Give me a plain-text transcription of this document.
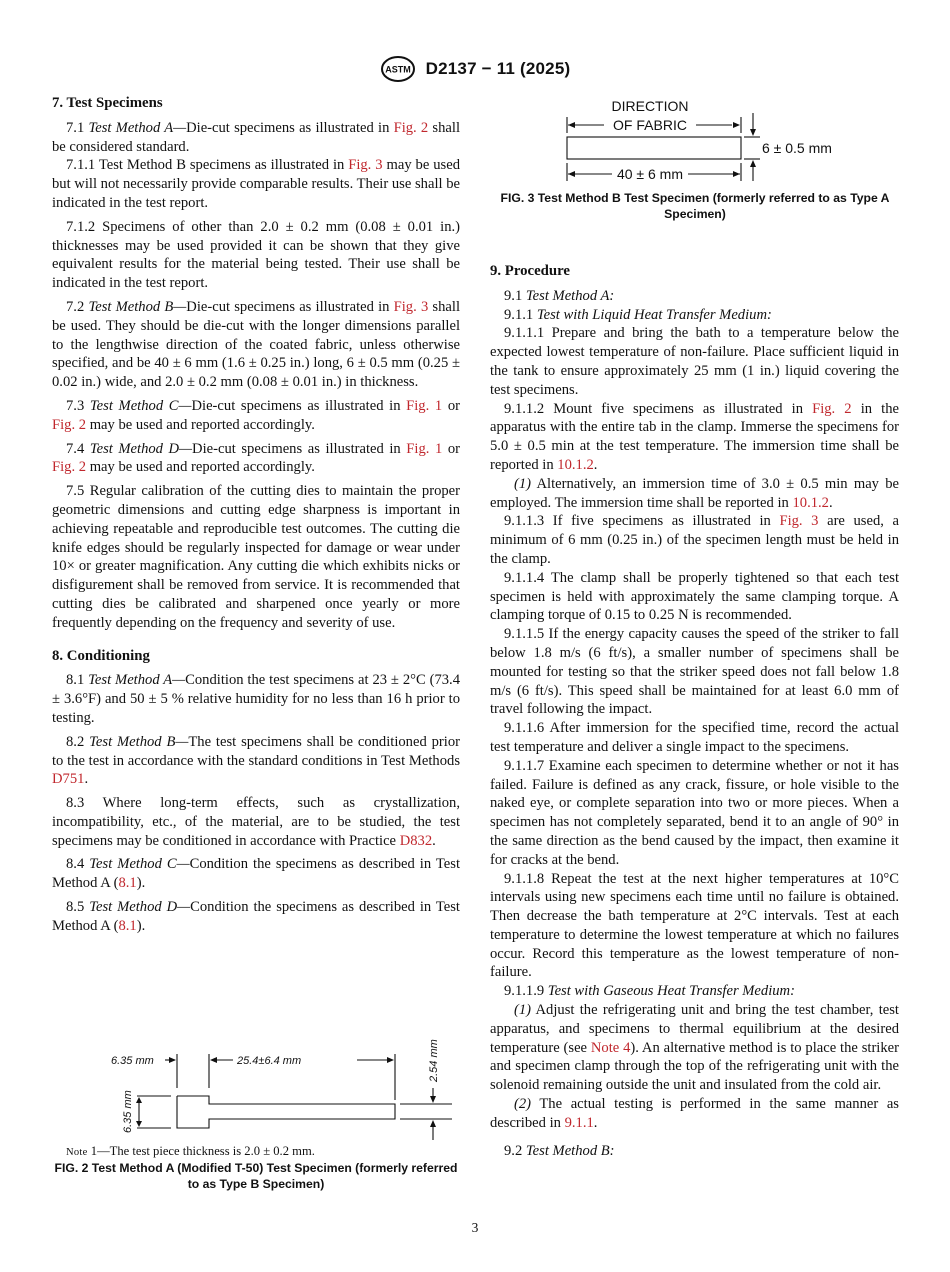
ASTM D2137 − 11 (2025)
7. Test Specimens

7.1 Test Method A—Die-cut specimens as illustrated in Fig. 2 shall be considered standard.

7.1.1 Test Method B specimens as illustrated in Fig. 3 may be used but will not necessarily provide comparable results. Their use shall be indicated in the test report.

7.1.2 Specimens of other than 2.0 ± 0.2 mm (0.08 ± 0.01 in.) thicknesses may be used provided it can be shown that they give equivalent results for the material being tested. Their use shall be indicated in the test report.

7.2 Test Method B—Die-cut specimens as illustrated in Fig. 3 shall be used. They should be die-cut with the longer dimensions parallel to the lengthwise direction of the coated fabric, unless otherwise specified, and be 40 ± 6 mm (1.6 ± 0.25 in.) long, 6 ± 0.5 mm (0.25 ± 0.02 in.) wide, and 2.0 ± 0.2 mm (0.08 ± 0.01 in.) in thickness.

7.3 Test Method C—Die-cut specimens as illustrated in Fig. 1 or Fig. 2 may be used and reported accordingly.

7.4 Test Method D—Die-cut specimens as illustrated in Fig. 1 or Fig. 2 may be used and reported accordingly.

7.5 Regular calibration of the cutting dies to maintain the proper geometric dimensions and cutting edge sharpness is important in achieving repeatable and reproducible test outcomes. The cutting die knife edges should be regularly inspected for damage or wear under 10× or greater magnification. Any cutting die which exhibits nicks or disfigurement shall be removed from service. It is recommended that cutting dies be calibrated and sharpened once yearly or more frequently depending on the frequency and severity of use.

8. Conditioning

8.1 Test Method A—Condition the test specimens at 23 ± 2°C (73.4 ± 3.6°F) and 50 ± 5 % relative humidity for no less than 16 h prior to testing.

8.2 Test Method B—The test specimens shall be conditioned prior to the test in accordance with the standard conditions in Test Methods D751.

8.3 Where long-term effects, such as crystallization, incompatibility, etc., of the material, are to be studied, the test specimens may be conditioned in accordance with Practice D832.

8.4 Test Method C—Condition the specimens as described in Test Method A (8.1).

8.5 Test Method D—Condition the specimens as described in Test Method A (8.1).

6.35 mm	25.4±6.4 mm	2.54 mm
6.35 mm
Note 1—The test piece thickness is 2.0 ± 0.2 mm.
FIG. 2 Test Method A (Modified T-50) Test Specimen (formerly referred to as Type B Specimen)
DIRECTION
OF FABRIC
40 ± 6 mm
6 ± 0.5 mm
FIG. 3 Test Method B Test Specimen (formerly referred to as Type A Specimen)
9. Procedure

9.1 Test Method A:

9.1.1 Test with Liquid Heat Transfer Medium:

9.1.1.1 Prepare and bring the bath to a temperature below the expected lowest temperature of non-failure. Place sufficient liquid in the tank to ensure approximately 25 mm (1 in.) liquid covering the test specimens.

9.1.1.2 Mount five specimens as illustrated in Fig. 2 in the apparatus with the entire tab in the clamp. Immerse the specimens for 5.0 ± 0.5 min at the test temperature. The immersion time shall be reported in 10.1.2.

(1) Alternatively, an immersion time of 3.0 ± 0.5 min may be employed. The immersion time shall be reported in 10.1.2.

9.1.1.3 If five specimens as illustrated in Fig. 3 are used, a minimum of 6 mm (0.25 in.) of the specimen length must be held in the clamp.

9.1.1.4 The clamp shall be properly tightened so that each test specimen is held with approximately the same clamping torque. A clamping torque of 0.15 to 0.25 N is recommended.

9.1.1.5 If the energy capacity causes the speed of the striker to fall below 1.8 m/s (6 ft/s), a smaller number of specimens shall be mounted for testing so that the striker speed does not fall below 1.8 m/s (6 ft/s). This speed shall be maintained for at least 6.0 mm of travel following the impact.

9.1.1.6 After immersion for the specified time, record the actual test temperature and deliver a single impact to the specimens.

9.1.1.7 Examine each specimen to determine whether or not it has failed. Failure is defined as any crack, fissure, or hole visible to the naked eye, or complete separation into two or more pieces. When a specimen has not completely separated, bend it to an angle of 90° in the same direction as the bend caused by the impact, then examine it for cracks at the bend.

9.1.1.8 Repeat the test at the next higher temperatures at 10°C intervals using new specimens each time until no failure is obtained. Then decrease the bath temperature at 2°C intervals. Test at each temperature to determine the lowest temperature at which no failures occur. Record this temperature as the lowest temperature of non-failure.

9.1.1.9 Test with Gaseous Heat Transfer Medium:

(1) Adjust the refrigerating unit and bring the test chamber, test apparatus, and specimens to thermal equilibrium at the desired temperature (see Note 4). An alternative method is to place the striker and specimen clamp through the top of the refrigerating unit with the solenoid remaining outside the unit and insulated from the cold air.

(2) The actual testing is performed in the same manner as described in 9.1.1.

9.2 Test Method B:

3
